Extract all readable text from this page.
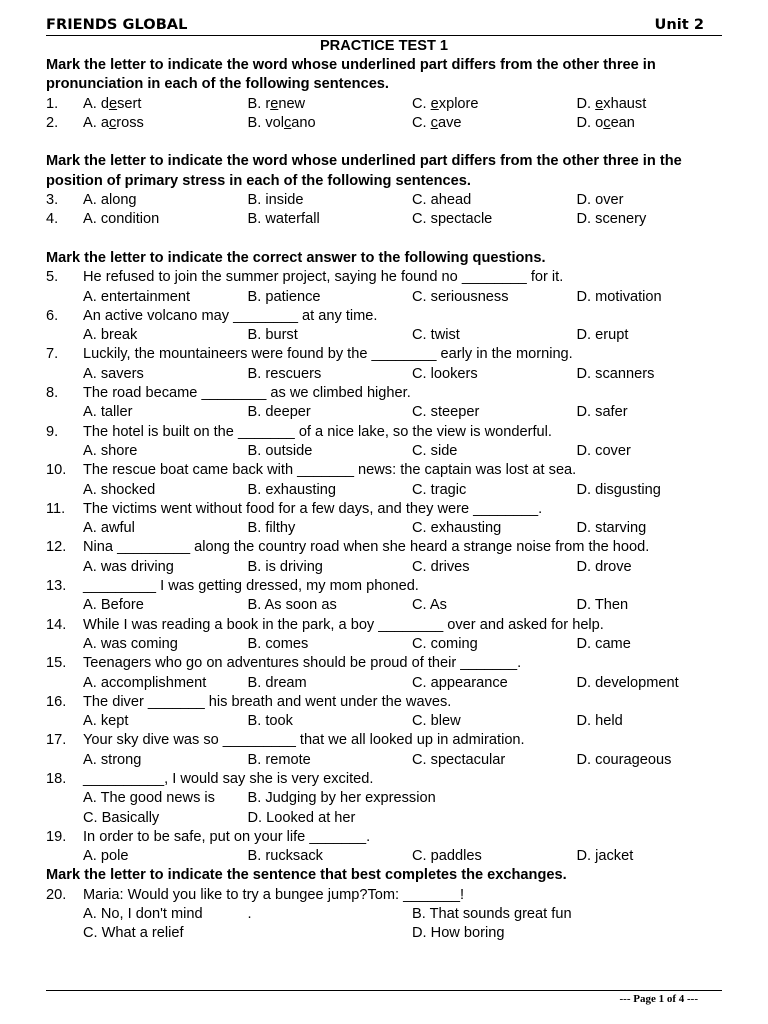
FRIENDS GLOBAL	Unit 2
PRACTICE TEST 1
Mark the letter to indicate the word whose underlined part differs from the other three in pronunciation in each of the following sentences.
1.	A. desert	B. renew	C. explore	D. exhaust
2.	A. across	B. volcano	C. cave	D. ocean
Mark the letter to indicate the word whose underlined part differs from the other three in the position of primary stress in each of the following sentences.
3.	A. along	B. inside	C. ahead	D. over
4.	A. condition	B. waterfall	C. spectacle	D. scenery
Mark the letter to indicate the correct answer to the following questions.
5.	He refused to join the summer project, saying he found no ________ for it.
A. entertainment	B. patience	C. seriousness	D. motivation
6.	An active volcano may ________ at any time.
A. break	B. burst	C. twist	D. erupt
7.	Luckily, the mountaineers were found by the ________ early in the morning.
A. savers	B. rescuers	C. lookers	D. scanners
8.	The road became ________ as we climbed higher.
A. taller	B. deeper	C. steeper	D. safer
9.	The hotel is built on the _______ of a nice lake, so the view is wonderful.
A. shore	B. outside	C. side	D. cover
10.	The rescue boat came back with _______ news: the captain was lost at sea.
A. shocked	B. exhausting	C. tragic	D. disgusting
11.	The victims went without food for a few days, and they were ________.
A. awful	B. filthy	C. exhausting	D. starving
12.	Nina _________ along the country road when she heard a strange noise from the hood.
A. was driving	B. is driving	C. drives	D. drove
13.	_________ I was getting dressed, my mom phoned.
A. Before	B. As soon as	C. As	D. Then
14.	While I was reading a book in the park, a boy ________ over and asked for help.
A. was coming	B. comes	C. coming	D. came
15.	Teenagers who go on adventures should be proud of their _______.
A. accomplishment	B. dream	C. appearance	D. development
16.	The diver _______ his breath and went under the waves.
A. kept	B. took	C. blew	D. held
17.	Your sky dive was so _________ that we all looked up in admiration.
A. strong	B. remote	C. spectacular	D. courageous
18.	__________, I would say she is very excited.
A. The good news is	B. Judging by her expression
C. Basically	D. Looked at her
19.	In order to be safe, put on your life _______.
A. pole	B. rucksack	C. paddles	D. jacket
Mark the letter to indicate the sentence that best completes the exchanges.
20.	Maria: Would you like to try a bungee jump?Tom: _______!
A. No, I don't mind	.	B. That sounds great fun
C. What a relief	D. How boring
--- Page 1 of 4 ---
